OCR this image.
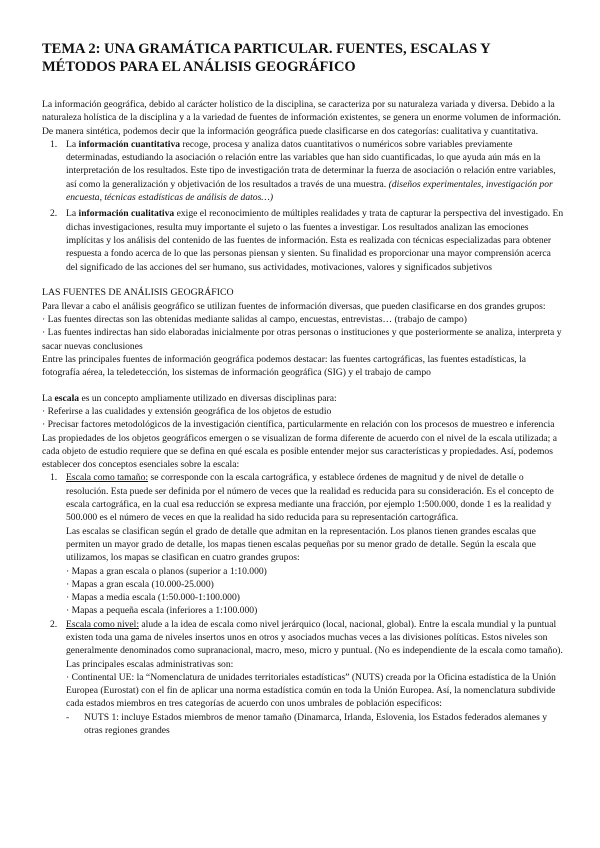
TEMA 2: UNA GRAMÁTICA PARTICULAR. FUENTES, ESCALAS Y MÉTODOS PARA EL ANÁLISIS GEOGRÁFICO

La información geográfica, debido al carácter holístico de la disciplina, se caracteriza por su naturaleza variada y diversa. Debido a la naturaleza holística de la disciplina y a la variedad de fuentes de información existentes, se genera un enorme volumen de información. De manera sintética, podemos decir que la información geográfica puede clasificarse en dos categorías: cualitativa y cuantitativa.

1. La información cuantitativa recoge, procesa y analiza datos cuantitativos o numéricos sobre variables previamente determinadas, estudiando la asociación o relación entre las variables que han sido cuantificadas, lo que ayuda aún más en la interpretación de los resultados. Este tipo de investigación trata de determinar la fuerza de asociación o relación entre variables, así como la generalización y objetivación de los resultados a través de una muestra. (diseños experimentales, investigación por encuesta, técnicas estadísticas de análisis de datos…)
2. La información cualitativa exige el reconocimiento de múltiples realidades y trata de capturar la perspectiva del investigado. En dichas investigaciones, resulta muy importante el sujeto o las fuentes a investigar. Los resultados analizan las emociones implícitas y los análisis del contenido de las fuentes de información. Esta es realizada con técnicas especializadas para obtener respuesta a fondo acerca de lo que las personas piensan y sienten. Su finalidad es proporcionar una mayor comprensión acerca del significado de las acciones del ser humano, sus actividades, motivaciones, valores y significados subjetivos

LAS FUENTES DE ANÁLISIS GEOGRÁFICO

Para llevar a cabo el análisis geográfico se utilizan fuentes de información diversas, que pueden clasificarse en dos grandes grupos:

· Las fuentes directas son las obtenidas mediante salidas al campo, encuestas, entrevistas… (trabajo de campo)

· Las fuentes indirectas han sido elaboradas inicialmente por otras personas o instituciones y que posteriormente se analiza, interpreta y sacar nuevas conclusiones

Entre las principales fuentes de información geográfica podemos destacar: las fuentes cartográficas, las fuentes estadísticas, la fotografía aérea, la teledetección, los sistemas de información geográfica (SIG) y el trabajo de campo

La escala es un concepto ampliamente utilizado en diversas disciplinas para:

· Referirse a las cualidades y extensión geográfica de los objetos de estudio

· Precisar factores metodológicos de la investigación científica, particularmente en relación con los procesos de muestreo e inferencia

Las propiedades de los objetos geográficos emergen o se visualizan de forma diferente de acuerdo con el nivel de la escala utilizada; a cada objeto de estudio requiere que se defina en qué escala es posible entender mejor sus características y propiedades. Así, podemos establecer dos conceptos esenciales sobre la escala:

1. Escala como tamaño: se corresponde con la escala cartográfica, y establece órdenes de magnitud y de nivel de detalle o resolución. Esta puede ser definida por el número de veces que la realidad es reducida para su consideración. Es el concepto de escala cartográfica, en la cual esa reducción se expresa mediante una fracción, por ejemplo 1:500.000, donde 1 es la realidad y 500.000 es el número de veces en que la realidad ha sido reducida para su representación cartográfica.
Las escalas se clasifican según el grado de detalle que admitan en la representación. Los planos tienen grandes escalas que permiten un mayor grado de detalle, los mapas tienen escalas pequeñas por su menor grado de detalle. Según la escala que utilizamos, los mapas se clasifican en cuatro grandes grupos:
· Mapas a gran escala o planos (superior a 1:10.000)
· Mapas a gran escala (10.000-25.000)
· Mapas a media escala (1:50.000-1:100.000)
· Mapas a pequeña escala (inferiores a 1:100.000)
2. Escala como nivel: alude a la idea de escala como nivel jerárquico (local, nacional, global). Entre la escala mundial y la puntual existen toda una gama de niveles insertos unos en otros y asociados muchas veces a las divisiones políticas. Estos niveles son generalmente denominados como supranacional, macro, meso, micro y puntual. (No es independiente de la escala como tamaño). Las principales escalas administrativas son:
· Continental UE: la “Nomenclatura de unidades territoriales estadísticas” (NUTS) creada por la Oficina estadística de la Unión Europea (Eurostat) con el fin de aplicar una norma estadística común en toda la Unión Europea. Así, la nomenclatura subdivide cada estados miembros en tres categorías de acuerdo con unos umbrales de población específicos:
- NUTS 1: incluye Estados miembros de menor tamaño (Dinamarca, Irlanda, Eslovenia, los Estados federados alemanes y otras regiones grandes
